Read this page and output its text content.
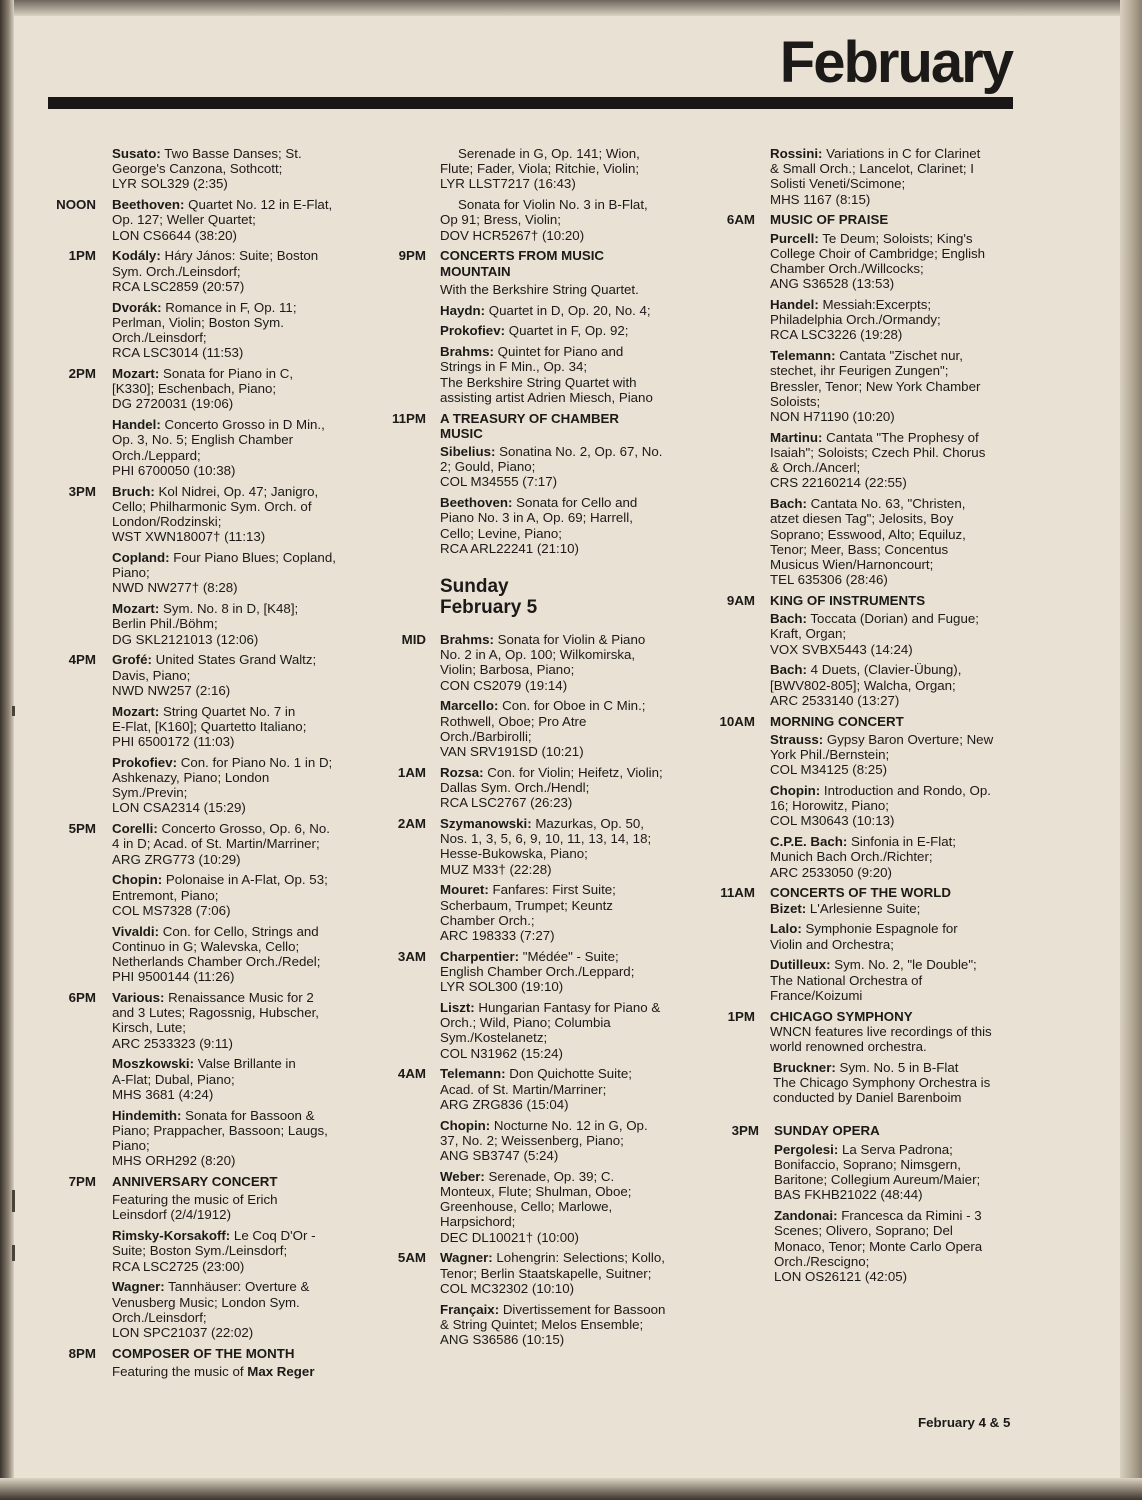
February
Susato: Two Basse Danses; St.
George's Canzona, Sothcott;
LYR SOL329 (2:35)
NOON Beethoven: Quartet No. 12 in E-Flat,
Op. 127; Weller Quartet;
LON CS6644 (38:20)
1PM Kodály: Háry János: Suite; Boston
Sym. Orch./Leinsdorf;
RCA LSC2859 (20:57)
Dvorák: Romance in F, Op. 11;
Perlman, Violin; Boston Sym.
Orch./Leinsdorf;
RCA LSC3014 (11:53)
2PM Mozart: Sonata for Piano in C,
[K330]; Eschenbach, Piano;
DG 2720031 (19:06)
Handel: Concerto Grosso in D Min.,
Op. 3, No. 5; English Chamber
Orch./Leppard;
PHI 6700050 (10:38)
3PM Bruch: Kol Nidrei, Op. 47; Janigro,
Cello; Philharmonic Sym. Orch. of
London/Rodzinski;
WST XWN18007† (11:13)
Copland: Four Piano Blues; Copland,
Piano;
NWD NW277† (8:28)
Mozart: Sym. No. 8 in D, [K48];
Berlin Phil./Böhm;
DG SKL2121013 (12:06)
4PM Grofé: United States Grand Waltz;
Davis, Piano;
NWD NW257 (2:16)
Mozart: String Quartet No. 7 in
E-Flat, [K160]; Quartetto Italiano;
PHI 6500172 (11:03)
Prokofiev: Con. for Piano No. 1 in D;
Ashkenazy, Piano; London
Sym./Previn;
LON CSA2314 (15:29)
5PM Corelli: Concerto Grosso, Op. 6, No.
4 in D; Acad. of St. Martin/Marriner;
ARG ZRG773 (10:29)
Chopin: Polonaise in A-Flat, Op. 53;
Entremont, Piano;
COL MS7328 (7:06)
Vivaldi: Con. for Cello, Strings and
Continuo in G; Walevska, Cello;
Netherlands Chamber Orch./Redel;
PHI 9500144 (11:26)
6PM Various: Renaissance Music for 2
and 3 Lutes; Ragossnig, Hubscher,
Kirsch, Lute;
ARC 2533323 (9:11)
Moszkowski: Valse Brillante in
A-Flat; Dubal, Piano;
MHS 3681 (4:24)
Hindemith: Sonata for Bassoon &
Piano; Prappacher, Bassoon; Laugs,
Piano;
MHS ORH292 (8:20)
7PM ANNIVERSARY CONCERT
Featuring the music of Erich
Leinsdorf (2/4/1912)
Rimsky-Korsakoff: Le Coq D'Or -
Suite; Boston Sym./Leinsdorf;
RCA LSC2725 (23:00)
Wagner: Tannhäuser: Overture &
Venusberg Music; London Sym.
Orch./Leinsdorf;
LON SPC21037 (22:02)
8PM COMPOSER OF THE MONTH
Featuring the music of Max Reger
Serenade in G, Op. 141; Wion,
Flute; Fader, Viola; Ritchie, Violin;
LYR LLST7217 (16:43)
Sonata for Violin No. 3 in B-Flat,
Op 91; Bress, Violin;
DOV HCR5267† (10:20)
9PM CONCERTS FROM MUSIC
MOUNTAIN
With the Berkshire String Quartet.
Haydn: Quartet in D, Op. 20, No. 4;
Prokofiev: Quartet in F, Op. 92;
Brahms: Quintet for Piano and
Strings in F Min., Op. 34;
The Berkshire String Quartet with
assisting artist Adrien Miesch, Piano
11PM A TREASURY OF CHAMBER
MUSIC
Sibelius: Sonatina No. 2, Op. 67, No.
2; Gould, Piano;
COL M34555 (7:17)
Beethoven: Sonata for Cello and
Piano No. 3 in A, Op. 69; Harrell,
Cello; Levine, Piano;
RCA ARL22241 (21:10)
Sunday
February 5
MID Brahms: Sonata for Violin & Piano
No. 2 in A, Op. 100; Wilkomirska,
Violin; Barbosa, Piano;
CON CS2079 (19:14)
Marcello: Con. for Oboe in C Min.;
Rothwell, Oboe; Pro Atre
Orch./Barbirolli;
VAN SRV191SD (10:21)
1AM Rozsa: Con. for Violin; Heifetz, Violin;
Dallas Sym. Orch./Hendl;
RCA LSC2767 (26:23)
2AM Szymanowski: Mazurkas, Op. 50,
Nos. 1, 3, 5, 6, 9, 10, 11, 13, 14, 18;
Hesse-Bukowska, Piano;
MUZ M33† (22:28)
Mouret: Fanfares: First Suite;
Scherbaum, Trumpet; Keuntz
Chamber Orch.;
ARC 198333 (7:27)
3AM Charpentier: "Médée" - Suite;
English Chamber Orch./Leppard;
LYR SOL300 (19:10)
Liszt: Hungarian Fantasy for Piano &
Orch.; Wild, Piano; Columbia
Sym./Kostelanetz;
COL N31962 (15:24)
4AM Telemann: Don Quichotte Suite;
Acad. of St. Martin/Marriner;
ARG ZRG836 (15:04)
Chopin: Nocturne No. 12 in G, Op.
37, No. 2; Weissenberg, Piano;
ANG SB3747 (5:24)
Weber: Serenade, Op. 39; C.
Monteux, Flute; Shulman, Oboe;
Greenhouse, Cello; Marlowe,
Harpsichord;
DEC DL10021† (10:00)
5AM Wagner: Lohengrin: Selections; Kollo,
Tenor; Berlin Staatskapelle, Suitner;
COL MC32302 (10:10)
Françaix: Divertissement for Bassoon
& String Quintet; Melos Ensemble;
ANG S36586 (10:15)
Rossini: Variations in C for Clarinet
& Small Orch.; Lancelot, Clarinet; I
Solisti Veneti/Scimone;
MHS 1167 (8:15)
6AM MUSIC OF PRAISE
Purcell: Te Deum; Soloists; King's
College Choir of Cambridge; English
Chamber Orch./Willcocks;
ANG S36528 (13:53)
Handel: Messiah:Excerpts;
Philadelphia Orch./Ormandy;
RCA LSC3226 (19:28)
Telemann: Cantata "Zischet nur,
stechet, ihr Feurigen Zungen";
Bressler, Tenor; New York Chamber
Soloists;
NON H71190 (10:20)
Martinu: Cantata "The Prophesy of
Isaiah"; Soloists; Czech Phil. Chorus
& Orch./Ancerl;
CRS 22160214 (22:55)
Bach: Cantata No. 63, "Christen,
atzet diesen Tag"; Jelosits, Boy
Soprano; Esswood, Alto; Equiluz,
Tenor; Meer, Bass; Concentus
Musicus Wien/Harnoncourt;
TEL 635306 (28:46)
9AM KING OF INSTRUMENTS
Bach: Toccata (Dorian) and Fugue;
Kraft, Organ;
VOX SVBX5443 (14:24)
Bach: 4 Duets, (Clavier-Übung),
[BWV802-805]; Walcha, Organ;
ARC 2533140 (13:27)
10AM MORNING CONCERT
Strauss: Gypsy Baron Overture; New
York Phil./Bernstein;
COL M34125 (8:25)
Chopin: Introduction and Rondo, Op.
16; Horowitz, Piano;
COL M30643 (10:13)
C.P.E. Bach: Sinfonia in E-Flat;
Munich Bach Orch./Richter;
ARC 2533050 (9:20)
11AM CONCERTS OF THE WORLD
Bizet: L'Arlesienne Suite;
Lalo: Symphonie Espagnole for
Violin and Orchestra;
Dutilleux: Sym. No. 2, "le Double";
The National Orchestra of
France/Koizumi
1PM CHICAGO SYMPHONY
WNCN features live recordings of this
world renowned orchestra.
Bruckner: Sym. No. 5 in B-Flat
The Chicago Symphony Orchestra is
conducted by Daniel Barenboim
3PM SUNDAY OPERA
Pergolesi: La Serva Padrona;
Bonifaccio, Soprano; Nimsgern,
Baritone; Collegium Aureum/Maier;
BAS FKHB21022 (48:44)
Zandonai: Francesca da Rimini - 3
Scenes; Olivero, Soprano; Del
Monaco, Tenor; Monte Carlo Opera
Orch./Rescigno;
LON OS26121 (42:05)
February 4 & 5
